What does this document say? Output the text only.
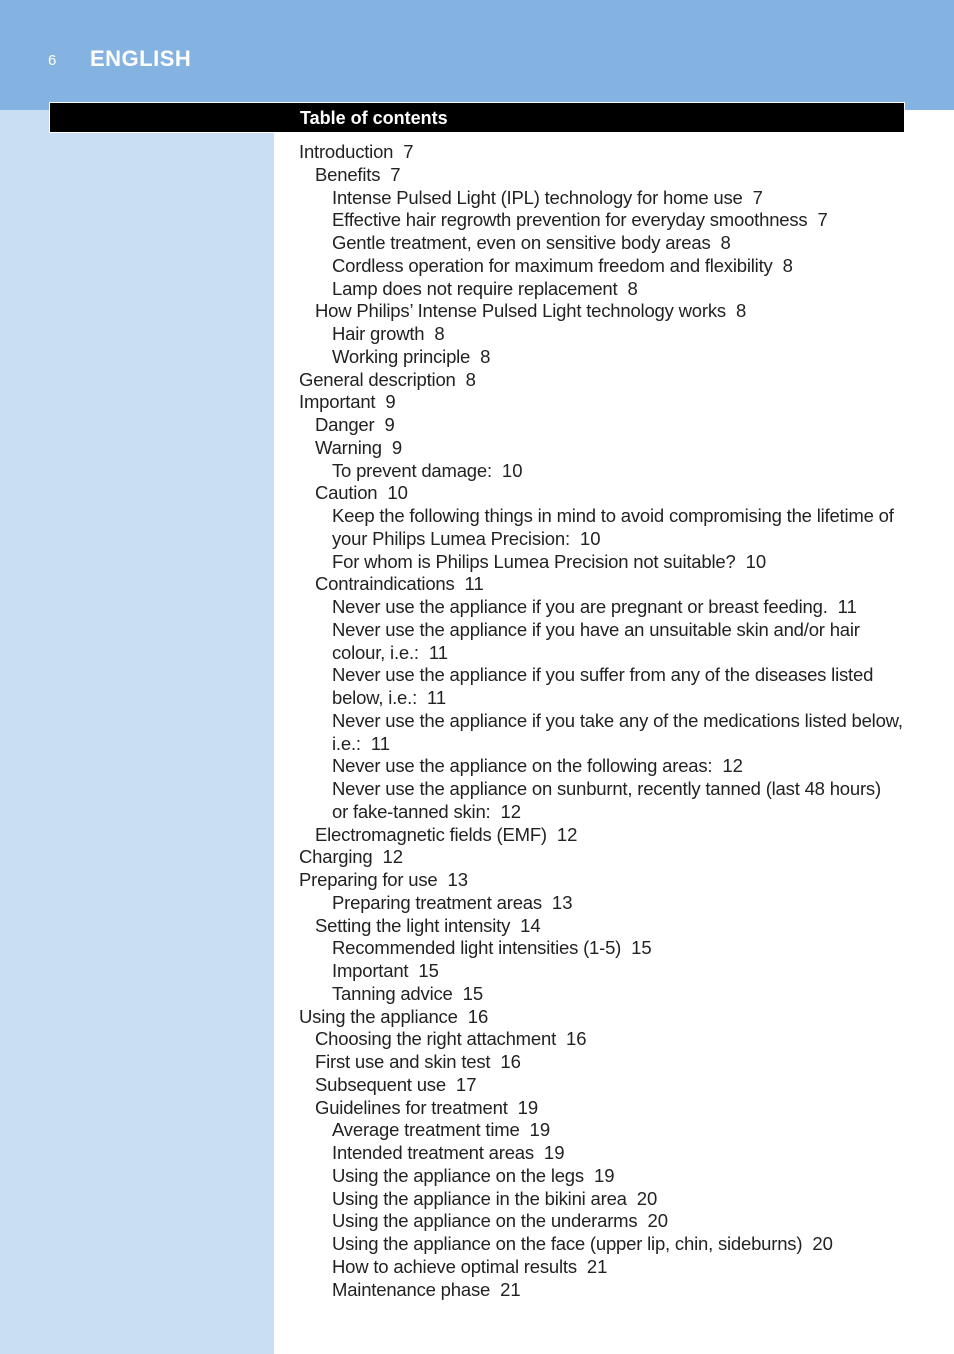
6 ENGLISH
Table of contents
Introduction 7
Benefits 7
Intense Pulsed Light (IPL) technology for home use 7
Effective hair regrowth prevention for everyday smoothness 7
Gentle treatment, even on sensitive body areas 8
Cordless operation for maximum freedom and flexibility 8
Lamp does not require replacement 8
How Philips’ Intense Pulsed Light technology works 8
Hair growth 8
Working principle 8
General description 8
Important 9
Danger 9
Warning 9
To prevent damage: 10
Caution 10
Keep the following things in mind to avoid compromising the lifetime of
your Philips Lumea Precision: 10
For whom is Philips Lumea Precision not suitable? 10
Contraindications 11
Never use the appliance if you are pregnant or breast feeding. 11
Never use the appliance if you have an unsuitable skin and/or hair
colour, i.e.: 11
Never use the appliance if you suffer from any of the diseases listed
below, i.e.: 11
Never use the appliance if you take any of the medications listed below,
i.e.: 11
Never use the appliance on the following areas: 12
Never use the appliance on sunburnt, recently tanned (last 48 hours)
or fake-tanned skin: 12
Electromagnetic fields (EMF) 12
Charging 12
Preparing for use 13
Preparing treatment areas 13
Setting the light intensity 14
Recommended light intensities (1-5) 15
Important 15
Tanning advice 15
Using the appliance 16
Choosing the right attachment 16
First use and skin test 16
Subsequent use 17
Guidelines for treatment 19
Average treatment time 19
Intended treatment areas 19
Using the appliance on the legs 19
Using the appliance in the bikini area 20
Using the appliance on the underarms 20
Using the appliance on the face (upper lip, chin, sideburns) 20
How to achieve optimal results 21
Maintenance phase 21
